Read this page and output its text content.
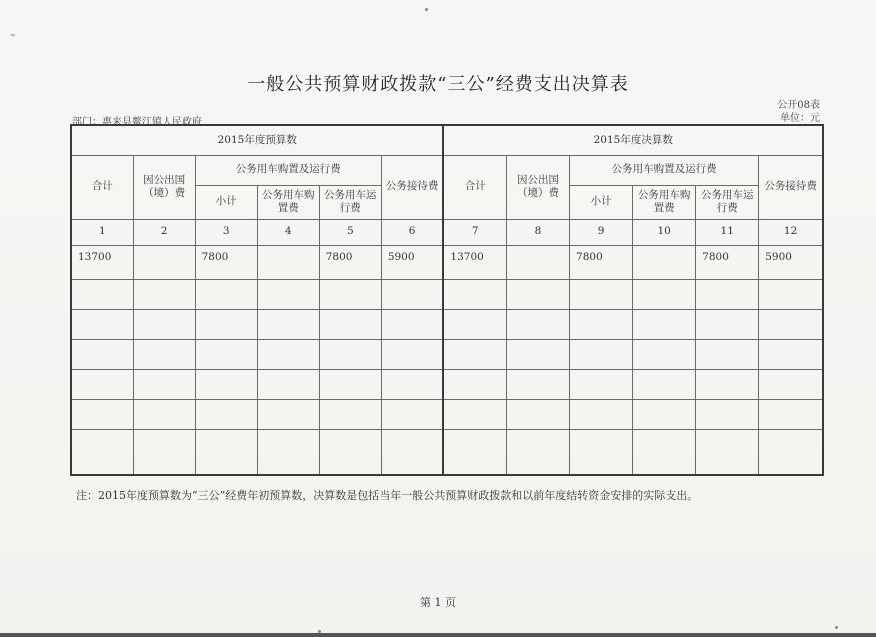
⌁
一般公共预算财政拨款“三公”经费支出决算表
公开08表
单位：元
部门：惠来县鳌江镇人民政府
2015年度预算数						2015年度决算数					
合计	因公出国（境）费	公务用车购置及运行费			公务接待费	合计	因公出国（境）费	公务用车购置及运行费			公务接待费
		小计	公务用车购置费	公务用车运行费				小计	公务用车购置费	公务用车运行费	
1	2	3	4	5	6	7	8	9	10	11	12
13700		7800		7800	5900	13700		7800		7800	5900

注：2015年度预算数为“三公”经费年初预算数，决算数是包括当年一般公共预算财政拨款和以前年度结转资金安排的实际支出。
第 1 页
